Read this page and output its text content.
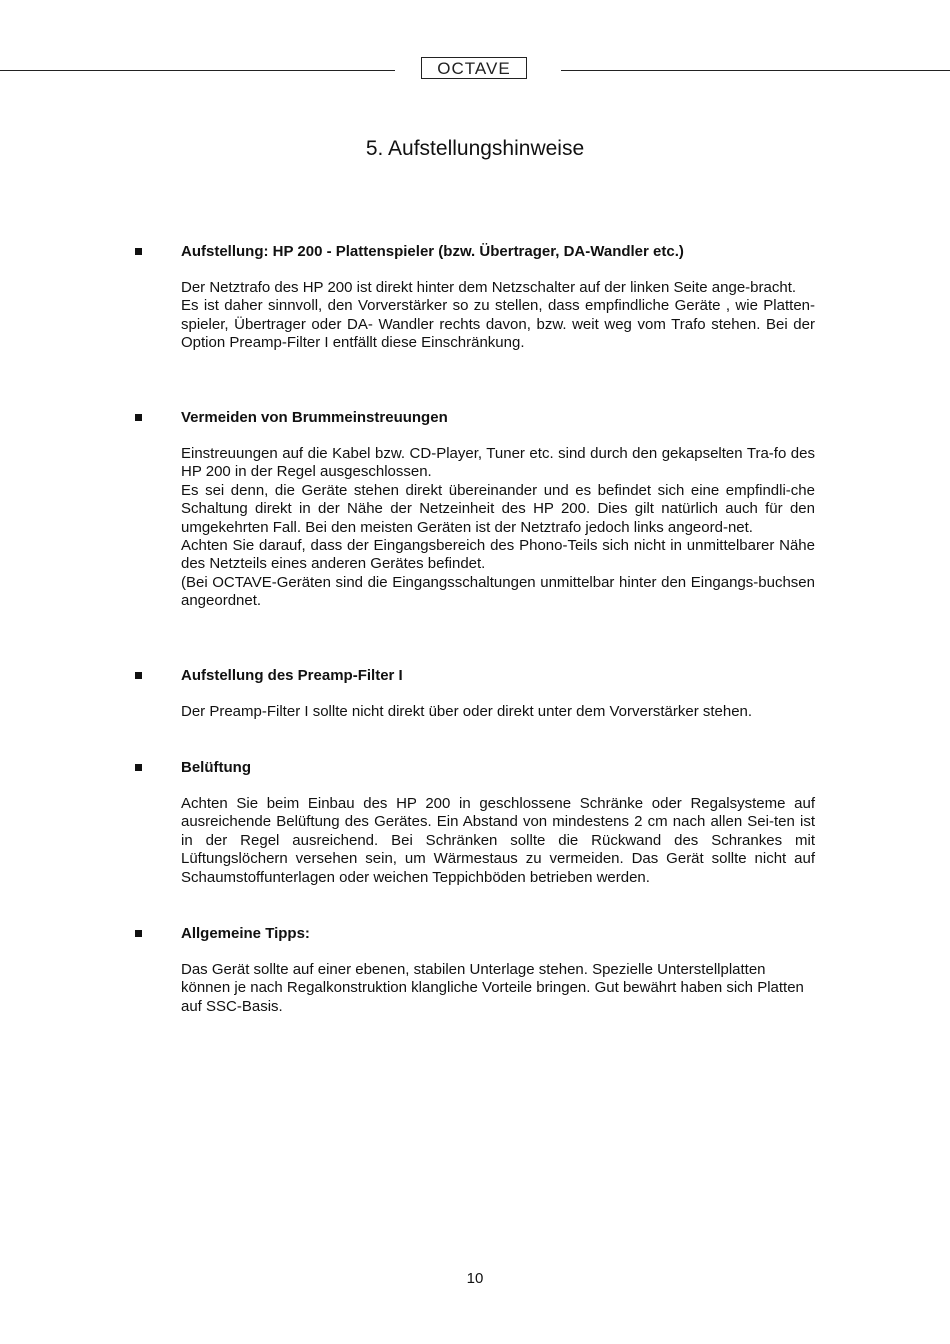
OCTAVE
5. Aufstellungshinweise
Aufstellung: HP 200 - Plattenspieler (bzw. Übertrager, DA-Wandler etc.)

Der Netztrafo des HP 200 ist direkt hinter dem Netzschalter auf der linken Seite ange-bracht.
Es ist daher sinnvoll, den Vorverstärker so zu stellen, dass empfindliche Geräte , wie Platten-spieler, Übertrager oder DA- Wandler rechts davon, bzw. weit weg vom Trafo stehen. Bei der Option Preamp-Filter I entfällt diese Einschränkung.

Vermeiden von Brummeinstreuungen

Einstreuungen auf die Kabel bzw. CD-Player, Tuner etc. sind durch den gekapselten Tra-fo des HP 200 in der Regel ausgeschlossen.
Es sei denn, die Geräte stehen direkt übereinander und es befindet sich eine empfindli-che Schaltung direkt in der Nähe der Netzeinheit des HP 200. Dies gilt natürlich auch für den umgekehrten Fall. Bei den meisten Geräten ist der Netztrafo jedoch links angeord-net.
Achten Sie darauf, dass der Eingangsbereich des Phono-Teils sich nicht in unmittelbarer Nähe des Netzteils eines anderen Gerätes befindet.
(Bei OCTAVE-Geräten sind die Eingangsschaltungen unmittelbar hinter den Eingangs-buchsen angeordnet.

Aufstellung des Preamp-Filter I

Der Preamp-Filter I sollte nicht direkt über oder direkt unter dem Vorverstärker stehen.

Belüftung

Achten Sie beim Einbau des HP 200 in geschlossene Schränke oder Regalsysteme auf ausreichende Belüftung des Gerätes. Ein Abstand von mindestens 2 cm nach allen Sei-ten ist in der Regel ausreichend. Bei Schränken sollte die Rückwand des Schrankes mit Lüftungslöchern versehen sein, um Wärmestaus zu vermeiden. Das Gerät sollte nicht auf Schaumstoffunterlagen oder weichen Teppichböden betrieben werden.

Allgemeine Tipps:

Das Gerät sollte auf einer ebenen, stabilen Unterlage stehen. Spezielle Unterstellplatten können je nach Regalkonstruktion klangliche Vorteile bringen. Gut bewährt haben sich Platten auf SSC-Basis.

10
